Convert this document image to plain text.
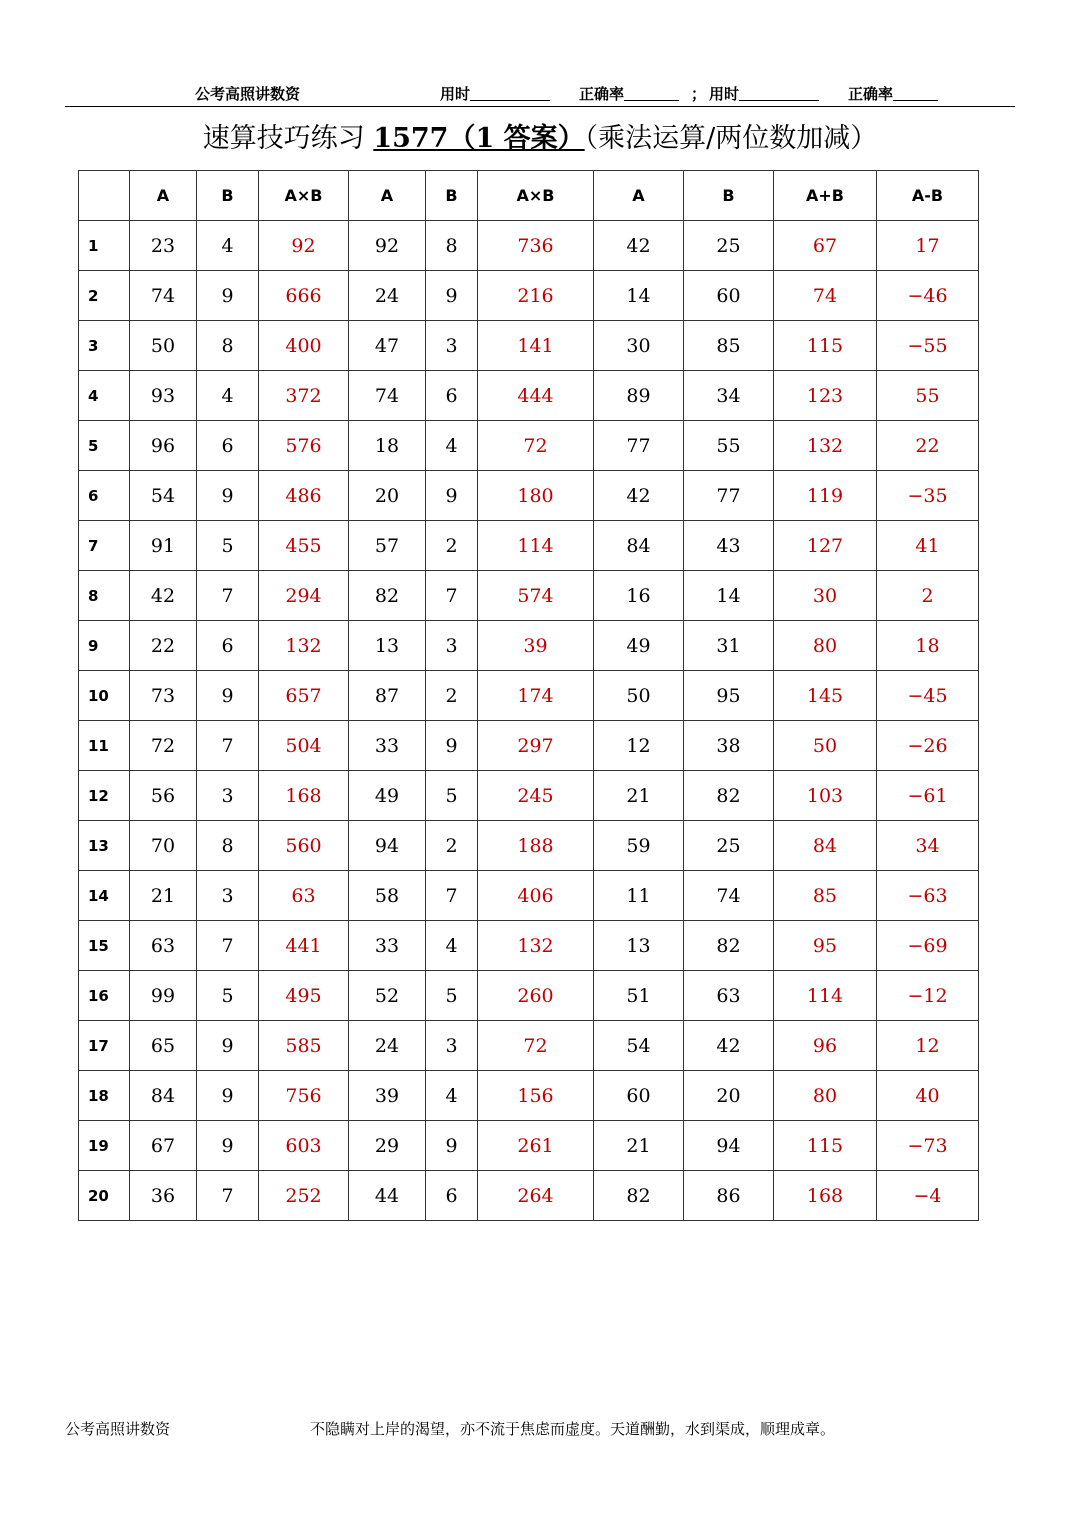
公考高照讲数资	用时	正确率	； 用时	正确率
速算技巧练习 1577（1 答案）（乘法运算/两位数加减）
	A	B	A×B	A	B	A×B	A	B	A+B	A-B
1	23	4	92	92	8	736	42	25	67	17
2	74	9	666	24	9	216	14	60	74	−46
3	50	8	400	47	3	141	30	85	115	−55
4	93	4	372	74	6	444	89	34	123	55
5	96	6	576	18	4	72	77	55	132	22
6	54	9	486	20	9	180	42	77	119	−35
7	91	5	455	57	2	114	84	43	127	41
8	42	7	294	82	7	574	16	14	30	2
9	22	6	132	13	3	39	49	31	80	18
10	73	9	657	87	2	174	50	95	145	−45
11	72	7	504	33	9	297	12	38	50	−26
12	56	3	168	49	5	245	21	82	103	−61
13	70	8	560	94	2	188	59	25	84	34
14	21	3	63	58	7	406	11	74	85	−63
15	63	7	441	33	4	132	13	82	95	−69
16	99	5	495	52	5	260	51	63	114	−12
17	65	9	585	24	3	72	54	42	96	12
18	84	9	756	39	4	156	60	20	80	40
19	67	9	603	29	9	261	21	94	115	−73
20	36	7	252	44	6	264	82	86	168	−4
公考高照讲数资	不隐瞒对上岸的渴望，亦不流于焦虑而虚度。天道酬勤，水到渠成，顺理成章。
